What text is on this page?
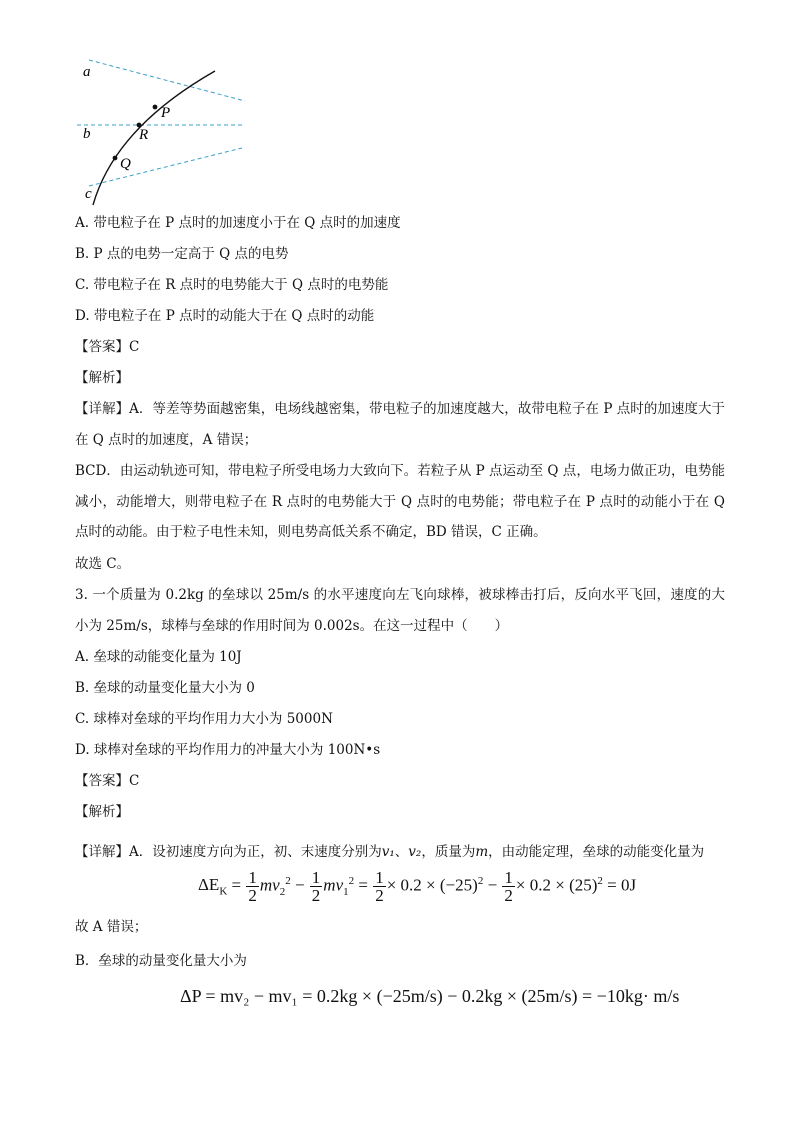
a
b
c
P
R
Q
A. 带电粒子在 P 点时的加速度小于在 Q 点时的加速度
B. P 点的电势一定高于 Q 点的电势
C. 带电粒子在 R 点时的电势能大于 Q 点时的电势能
D. 带电粒子在 P 点时的动能大于在 Q 点时的动能
【答案】C
【解析】
【详解】A．等差等势面越密集，电场线越密集，带电粒子的加速度越大，故带电粒子在 P 点时的加速度大于在 Q 点时的加速度，A 错误；
BCD．由运动轨迹可知，带电粒子所受电场力大致向下。若粒子从 P 点运动至 Q 点，电场力做正功，电势能减小，动能增大，则带电粒子在 R 点时的电势能大于 Q 点时的电势能；带电粒子在 P 点时的动能小于在 Q 点时的动能。由于粒子电性未知，则电势高低关系不确定，BD 错误，C 正确。
故选 C。
3. 一个质量为 0.2kg 的垒球以 25m/s 的水平速度向左飞向球棒，被球棒击打后，反向水平飞回，速度的大小为 25m/s，球棒与垒球的作用时间为 0.002s。在这一过程中（　　）
A. 垒球的动能变化量为 10J
B. 垒球的动量变化量大小为 0
C. 球棒对垒球的平均作用力大小为 5000N
D. 球棒对垒球的平均作用力的冲量大小为 100N•s
【答案】C
【解析】
【详解】A．设初速度方向为正，初、末速度分别为v₁、v₂，质量为m，由动能定理，垒球的动能变化量为
$\Delta E_K = \frac{1}{2} mv_2^2 - \frac{1}{2} mv_1^2 = \frac{1}{2} \times 0.2 \times (-25)^2 - \frac{1}{2} \times 0.2 \times (25)^2 = 0J$
故 A 错误；
B．垒球的动量变化量大小为
ΔP = mv₂ − mv₁ = 0.2kg × (−25m/s) − 0.2kg × (25m/s) = −10kg· m/s
